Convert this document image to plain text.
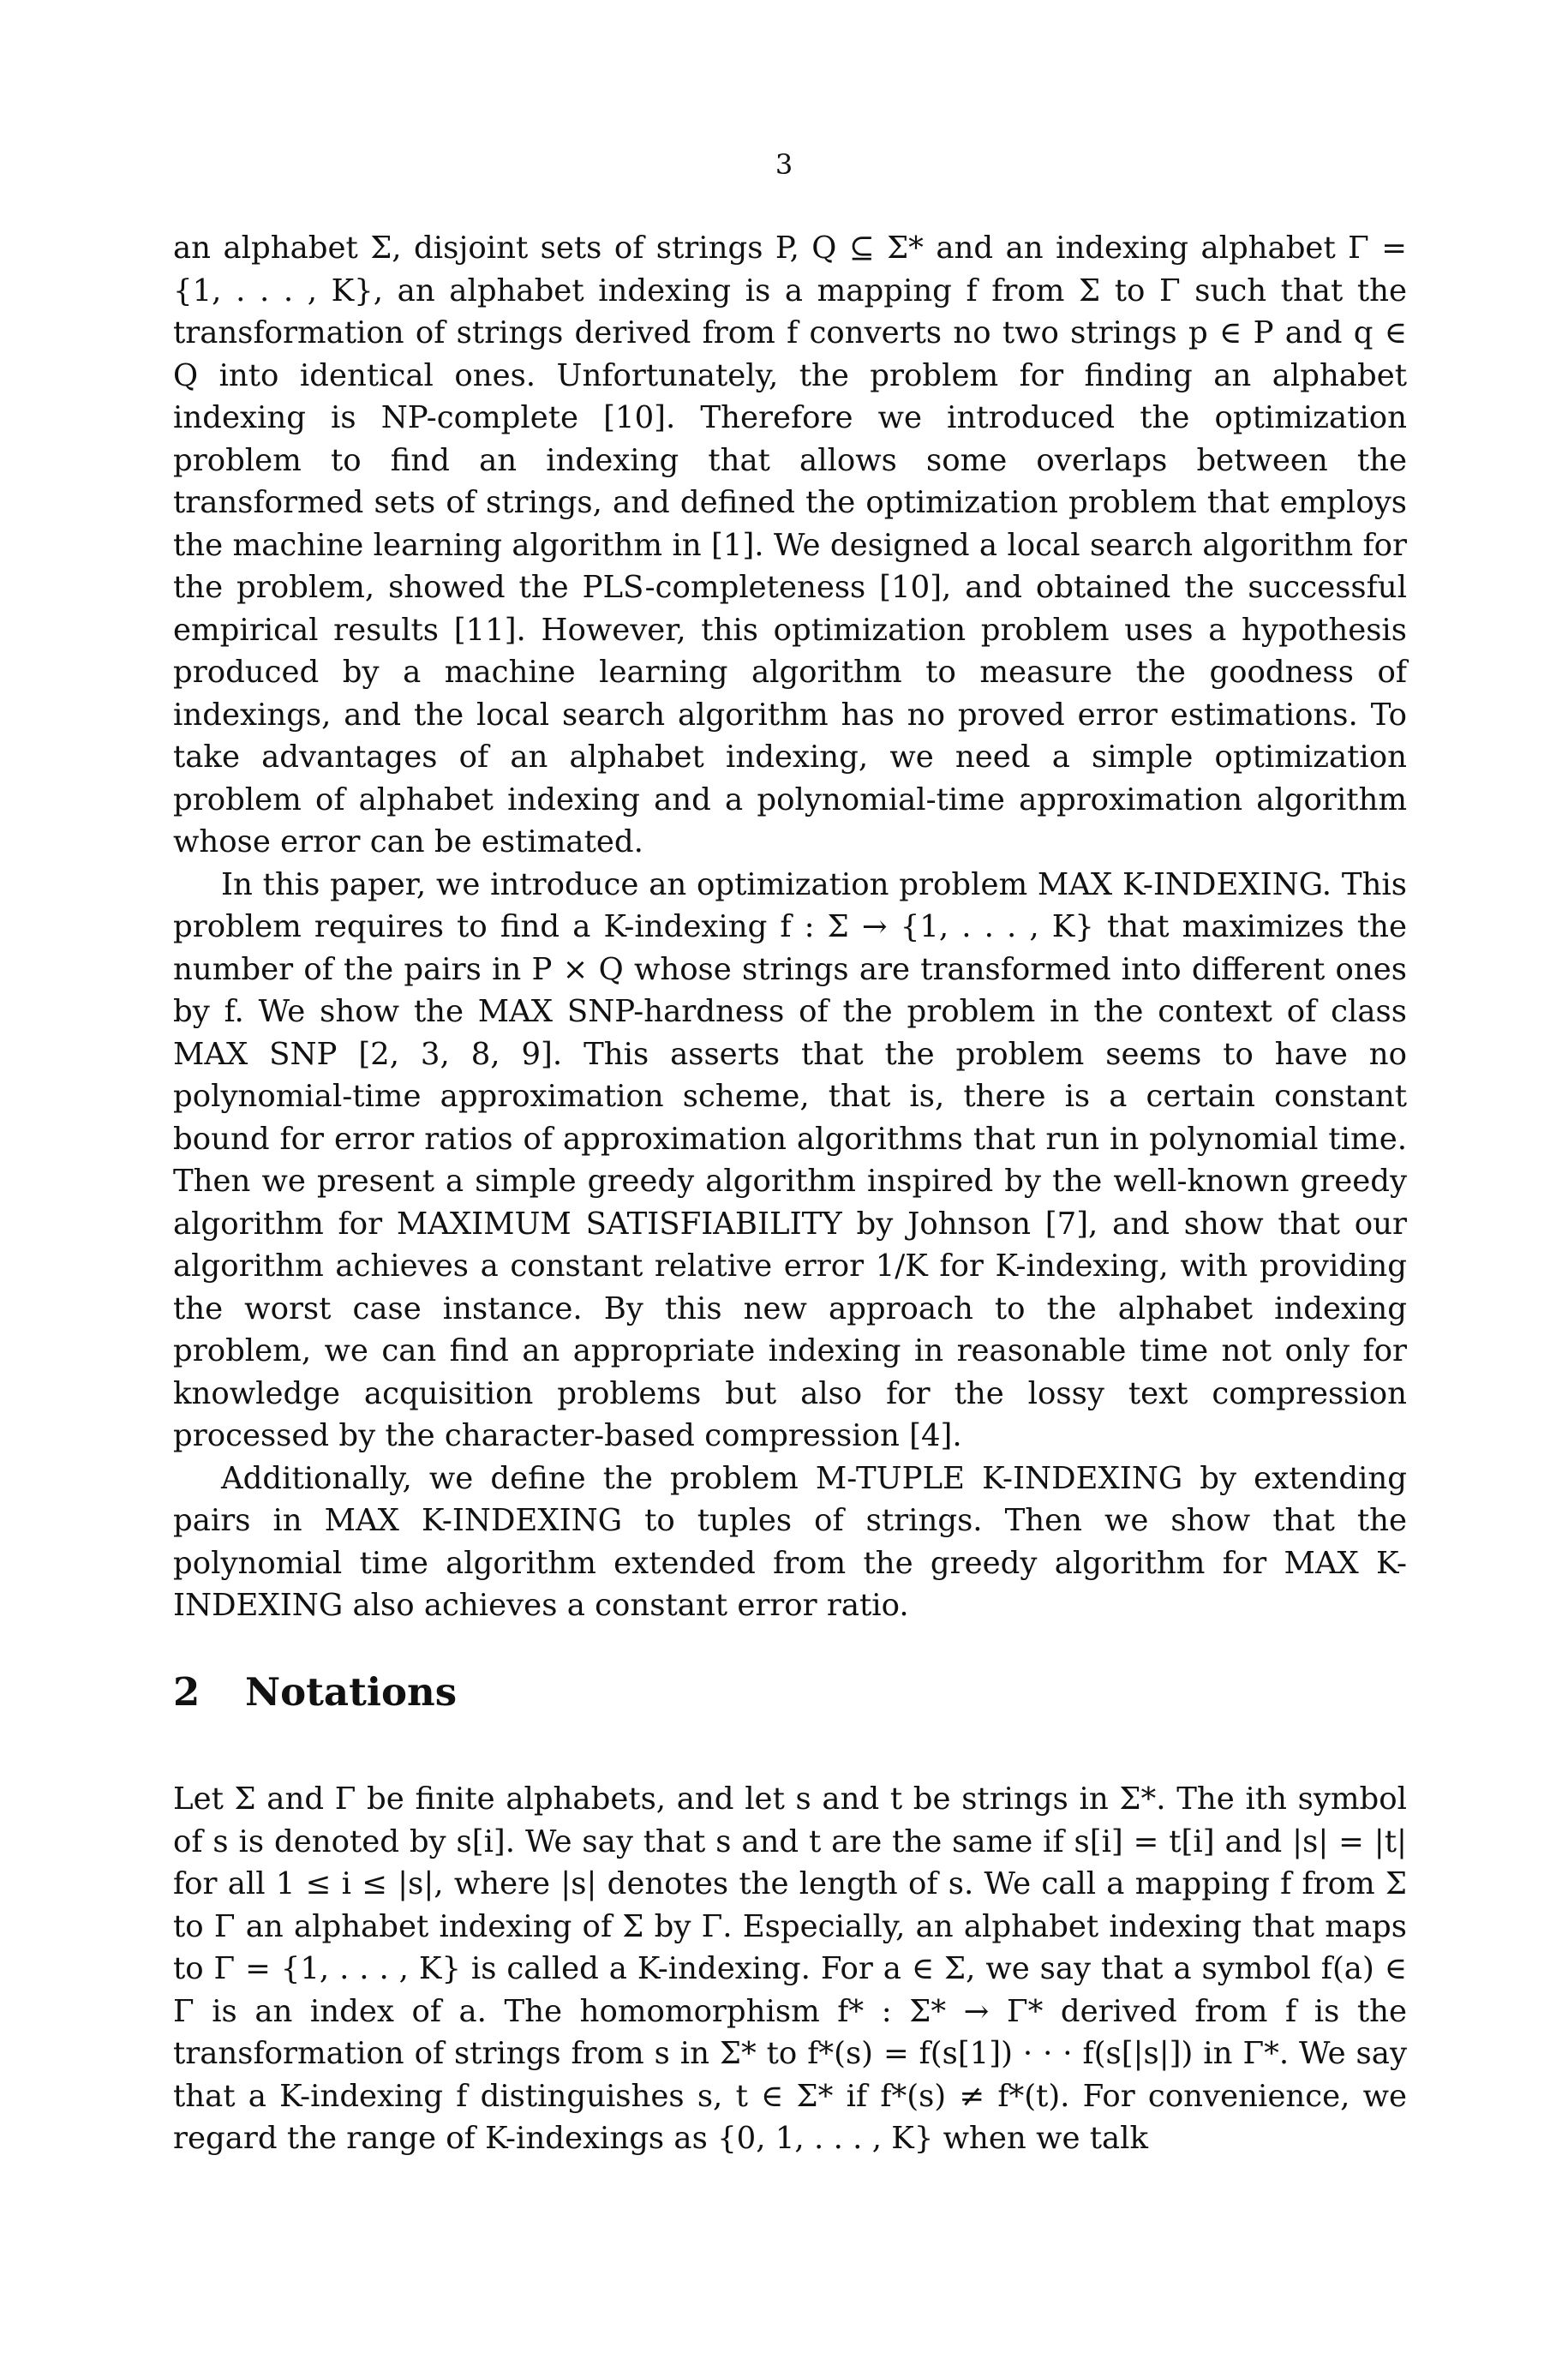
3

an alphabet Σ, disjoint sets of strings P, Q ⊆ Σ* and an indexing alphabet Γ = {1, . . . , K}, an alphabet indexing is a mapping f from Σ to Γ such that the transformation of strings derived from f converts no two strings p ∈ P and q ∈ Q into identical ones. Unfortunately, the problem for finding an alphabet indexing is NP-complete [10]. Therefore we introduced the optimization problem to find an indexing that allows some overlaps between the transformed sets of strings, and defined the optimization problem that employs the machine learning algorithm in [1]. We designed a local search algorithm for the problem, showed the PLS-completeness [10], and obtained the successful empirical results [11]. However, this optimization problem uses a hypothesis produced by a machine learning algorithm to measure the goodness of indexings, and the local search algorithm has no proved error estimations. To take advantages of an alphabet indexing, we need a simple optimization problem of alphabet indexing and a polynomial-time approximation algorithm whose error can be estimated.

In this paper, we introduce an optimization problem MAX K-INDEXING. This problem requires to find a K-indexing f : Σ → {1, . . . , K} that maximizes the number of the pairs in P × Q whose strings are transformed into different ones by f. We show the MAX SNP-hardness of the problem in the context of class MAX SNP [2, 3, 8, 9]. This asserts that the problem seems to have no polynomial-time approximation scheme, that is, there is a certain constant bound for error ratios of approximation algorithms that run in polynomial time. Then we present a simple greedy algorithm inspired by the well-known greedy algorithm for MAXIMUM SATISFIABILITY by Johnson [7], and show that our algorithm achieves a constant relative error 1/K for K-indexing, with providing the worst case instance. By this new approach to the alphabet indexing problem, we can find an appropriate indexing in reasonable time not only for knowledge acquisition problems but also for the lossy text compression processed by the character-based compression [4].

Additionally, we define the problem M-TUPLE K-INDEXING by extending pairs in MAX K-INDEXING to tuples of strings. Then we show that the polynomial time algorithm extended from the greedy algorithm for MAX K-INDEXING also achieves a constant error ratio.

2 Notations

Let Σ and Γ be finite alphabets, and let s and t be strings in Σ*. The ith symbol of s is denoted by s[i]. We say that s and t are the same if s[i] = t[i] and |s| = |t| for all 1 ≤ i ≤ |s|, where |s| denotes the length of s. We call a mapping f from Σ to Γ an alphabet indexing of Σ by Γ. Especially, an alphabet indexing that maps to Γ = {1, . . . , K} is called a K-indexing. For a ∈ Σ, we say that a symbol f(a) ∈ Γ is an index of a. The homomorphism f* : Σ* → Γ* derived from f is the transformation of strings from s in Σ* to f*(s) = f(s[1]) · · · f(s[|s|]) in Γ*. We say that a K-indexing f distinguishes s, t ∈ Σ* if f*(s) ≠ f*(t). For convenience, we regard the range of K-indexings as {0, 1, . . . , K} when we talk
